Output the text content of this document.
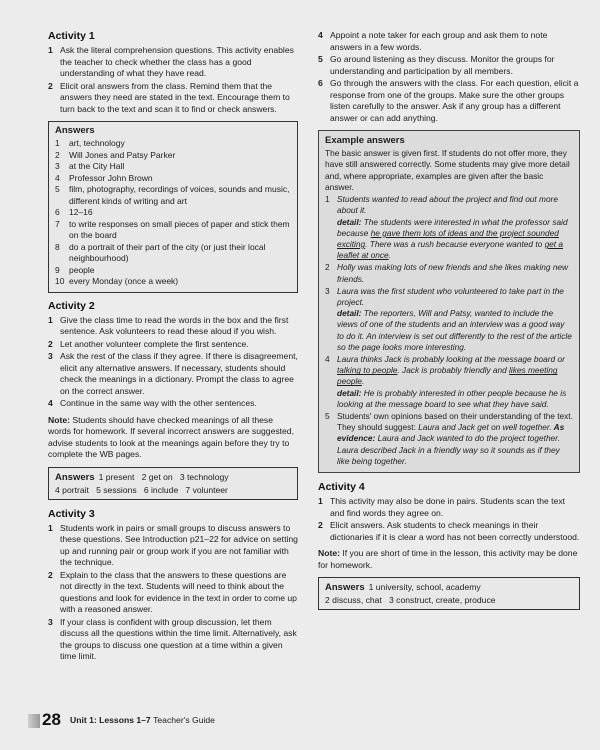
Activity 1
1 Ask the literal comprehension questions. This activity enables the teacher to check whether the class has a good understanding of what they have read.
2 Elicit oral answers from the class. Remind them that the answers they need are stated in the text. Encourage them to turn back to the text and scan it to find or check answers.
Answers
1 art, technology
2 Will Jones and Patsy Parker
3 at the City Hall
4 Professor John Brown
5 film, photography, recordings of voices, sounds and music, different kinds of writing and art
6 12–16
7 to write responses on small pieces of paper and stick them on the board
8 do a portrait of their part of the city (or just their local neighbourhood)
9 people
10 every Monday (once a week)
Activity 2
1 Give the class time to read the words in the box and the first sentence. Ask volunteers to read these aloud if you wish.
2 Let another volunteer complete the first sentence.
3 Ask the rest of the class if they agree. If there is disagreement, elicit any alternative answers. If necessary, students should check the meanings in a dictionary. Prompt the class to agree on the correct answer.
4 Continue in the same way with the other sentences.
Note: Students should have checked meanings of all these words for homework. If several incorrect answers are suggested, advise students to look at the meanings again before they try to complete the WB pages.
Answers 1 present   2 get on   3 technology
4 portrait   5 sessions   6 include   7 volunteer
Activity 3
1 Students work in pairs or small groups to discuss answers to these questions. See Introduction p21–22 for advice on setting up and running pair or group work if you are not familiar with the technique.
2 Explain to the class that the answers to these questions are not directly in the text. Students will need to think about the questions and look for evidence in the text in order to come up with a reasoned answer.
3 If your class is confident with group discussion, let them discuss all the questions within the time limit. Alternatively, ask the groups to discuss one question at a time within a given time limit.
4 Appoint a note taker for each group and ask them to note answers in a few words.
5 Go around listening as they discuss. Monitor the groups for understanding and participation by all members.
6 Go through the answers with the class. For each question, elicit a response from one of the groups. Make sure the other groups listen carefully to the answer. Ask if any group has a different answer or can add anything.
Example answers
The basic answer is given first. If students do not offer more, they have still answered correctly. Some students may give more detail and, where appropriate, examples are given after the basic answer.
1 Students wanted to read about the project and find out more about it.
detail: The students were interested in what the professor said because he gave them lots of ideas and the project sounded exciting. There was a rush because everyone wanted to get a leaflet at once.
2 Holly was making lots of new friends and she likes making new friends.
3 Laura was the first student who volunteered to take part in the project.
detail: The reporters, Will and Patsy, wanted to include the views of one of the students and an interview was a good way to do it. An interview is set out differently to the rest of the article so the page looks more interesting.
4 Laura thinks Jack is probably looking at the message board or talking to people. Jack is probably friendly and likes meeting people.
detail: He is probably interested in other people because he is looking at the message board to see what they have said.
5 Students' own opinions based on their understanding of the text. They should suggest: Laura and Jack get on well together. As evidence: Laura and Jack wanted to do the project together. Laura described Jack in a friendly way so it sounds as if they like being together.
Activity 4
1 This activity may also be done in pairs. Students scan the text and find words they agree on.
2 Elicit answers. Ask students to check meanings in their dictionaries if it is clear a word has not been correctly understood.
Note: If you are short of time in the lesson, this activity may be done for homework.
Answers 1 university, school, academy
2 discuss, chat   3 construct, create, produce
28 Unit 1: Lessons 1–7 Teacher's Guide
